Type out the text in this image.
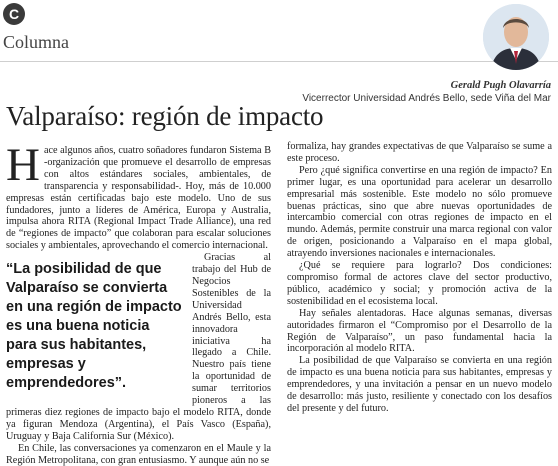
C
Columna
Gerald Pugh Olavarría
Vicerrector Universidad Andrés Bello, sede Viña del Mar
Valparaíso: región de impacto

Hace algunos años, cuatro soñadores fundaron Sistema B -organización que promueve el desarrollo de empresas con altos estándares sociales, ambientales, de transparencia y responsabilidad-. Hoy, más de 10.000 empresas están certificadas bajo este modelo. Uno de sus fundadores, junto a líderes de América, Europa y Australia, impulsa ahora RITA (Regional Impact Trade Alliance), una red de “regiones de impacto” que colaboran para escalar soluciones sociales y ambientales, aprovechando el comercio internacional.

“La posibilidad de que Valparaíso se convierta en una región de impacto es una buena noticia para sus habitantes, empresas y emprendedores”.

Gracias al trabajo del Hub de Negocios Sostenibles de la Universidad Andrés Bello, esta innovadora iniciativa ha llegado a Chile. Nuestro país tiene la oportunidad de sumar territorios pioneros a las primeras diez regiones de impacto bajo el modelo RITA, donde ya figuran Mendoza (Argentina), el País Vasco (España), Uruguay y Baja California Sur (México).

En Chile, las conversaciones ya comenzaron en el Maule y la Región Metropolitana, con gran entusiasmo. Y aunque aún no se

formaliza, hay grandes expectativas de que Valparaíso se sume a este proceso.

Pero ¿qué significa convertirse en una región de impacto? En primer lugar, es una oportunidad para acelerar un desarrollo empresarial más sostenible. Este modelo no sólo promueve buenas prácticas, sino que abre nuevas oportunidades de intercambio comercial con otras regiones de impacto en el mundo. Además, permite construir una marca regional con valor de origen, posicionando a Valparaíso en el mapa global, atrayendo inversiones nacionales e internacionales.

¿Qué se requiere para lograrlo? Dos condiciones: compromiso formal de actores clave del sector productivo, público, académico y social; y promoción activa de la sostenibilidad en el ecosistema local.

Hay señales alentadoras. Hace algunas semanas, diversas autoridades firmaron el “Compromiso por el Desarrollo de la Región de Valparaíso”, un paso fundamental hacia la incorporación al modelo RITA.

La posibilidad de que Valparaíso se convierta en una región de impacto es una buena noticia para sus habitantes, empresas y emprendedores, y una invitación a pensar en un nuevo modelo de desarrollo: más justo, resiliente y conectado con los desafíos del presente y del futuro.
